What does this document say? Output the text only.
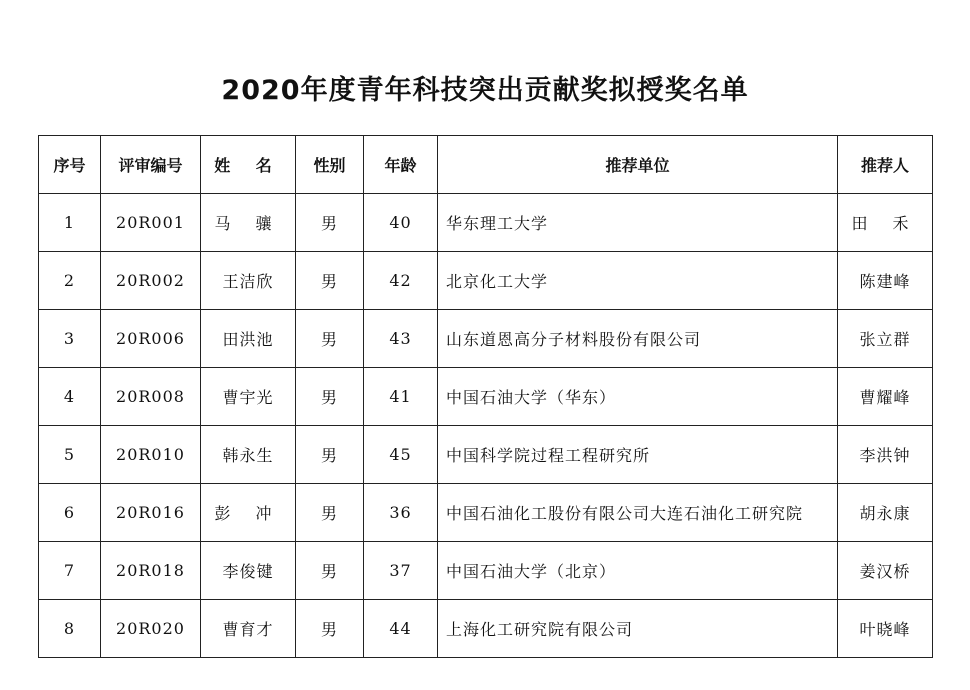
2020年度青年科技突出贡献奖拟授奖名单
序号	评审编号	姓 名	性别	年龄	推荐单位	推荐人
1	20R001	马 骧	男	40	华东理工大学	田 禾
2	20R002	王洁欣	男	42	北京化工大学	陈建峰
3	20R006	田洪池	男	43	山东道恩高分子材料股份有限公司	张立群
4	20R008	曹宇光	男	41	中国石油大学（华东）	曹耀峰
5	20R010	韩永生	男	45	中国科学院过程工程研究所	李洪钟
6	20R016	彭 冲	男	36	中国石油化工股份有限公司大连石油化工研究院	胡永康
7	20R018	李俊键	男	37	中国石油大学（北京）	姜汉桥
8	20R020	曹育才	男	44	上海化工研究院有限公司	叶晓峰
